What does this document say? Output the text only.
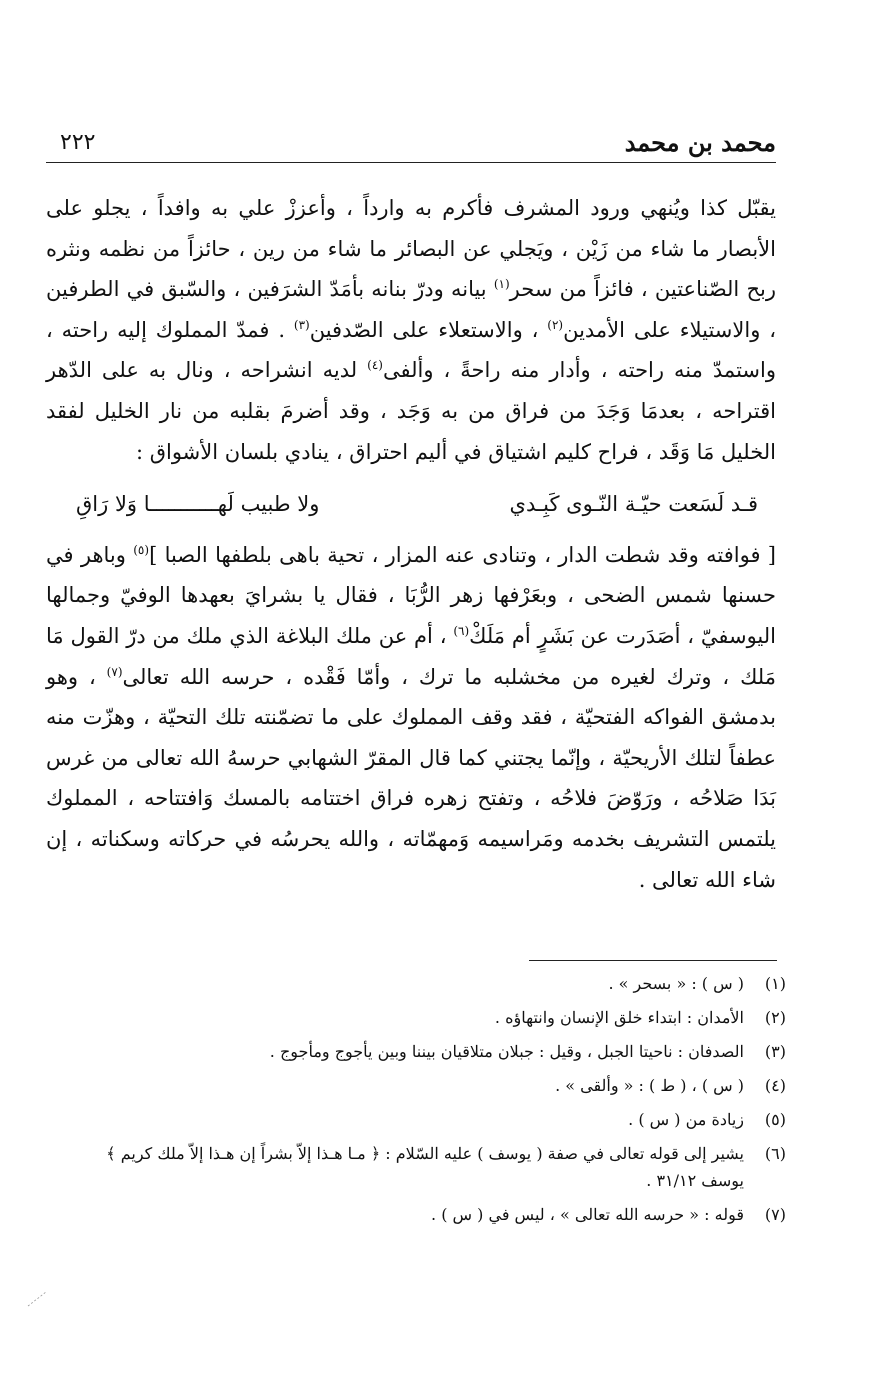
محمد بن محمد
٢٢٢

يقبّل كذا ويُنهي ورود المشرف فأكرم به وارداً ، وأعززْ علي به وافداً ، يجلو على الأبصار ما شاء من زَيْن ، ويَجلي عن البصائر ما شاء من رين ، حائزاً من نظمه ونثره ربح الصّناعتين ، فائزاً من سحر$^{(١)}$ بيانه ودرّ بنانه بأمَدّ الشرَفين ، والسّبق في الطرفين ، والاستيلاء على الأمدين$^{(٢)}$ ، والاستعلاء على الصّدفين$^{(٣)}$ . فمدّ المملوك إليه راحته ، واستمدّ منه راحته ، وأدار منه راحةً ، وألفى$^{(٤)}$ لديه انشراحه ، ونال به على الدّهر اقتراحه ، بعدمَا وَجَدَ من فراق من به وَجَد ، وقد أضرمَ بقلبه من نار الخليل لفقد الخليل مَا وَقَد ، فراح كليم اشتياق في أليم احتراق ، ينادي بلسان الأشواق :

قـد لَسَعت حيّـة النّـوى كَبِـدي
ولا طبيب لَهـــــــــــا وَلا رَاقِ

[ فوافته وقد شطت الدار ، وتنادى عنه المزار ، تحية باهى بلطفها الصبا ]$^{(٥)}$ وباهر في حسنها شمس الضحى ، وبعَرْفها زهر الرُّبَا ، فقال يا بشرايَ بعهدها الوفيّ وجمالها اليوسفيّ ، أصَدَرت عن بَشَرٍ أم مَلَكْ$^{(٦)}$ ، أم عن ملك البلاغة الذي ملك من درّ القول مَا مَلك ، وترك لغيره من مخشلبه ما ترك ، وأمّا فَقْده ، حرسه الله تعالى$^{(٧)}$ ، وهو بدمشق الفواكه الفتحيّة ، فقد وقف المملوك على ما تضمّنته تلك التحيّة ، وهزّت منه عطفاً لتلك الأريحيّة ، وإنّما يجتني كما قال المقرّ الشهابي حرسهُ الله تعالى من غرس بَدَا صَلاحُه ، ورَوّضَ فلاحُه ، وتفتح زهره فراق اختتامه بالمسك وَافتتاحه ، المملوك يلتمس التشريف بخدمه ومَراسيمه وَمهمّاته ، والله يحرسُه في حركاته وسكناته ، إن شاء الله تعالى .

(١)
( س ) : « بسحر » .
(٢)
الأمدان : ابتداء خلق الإنسان وانتهاؤه .
(٣)
الصدفان : ناحيتا الجبل ، وقيل : جبلان متلاقيان بيننا وبين يأجوج ومأجوج .
(٤)
( س ) ، ( ط ) : « وألقى » .
(٥)
زيادة من ( س ) .
(٦)
يشير إلى قوله تعالى في صفة ( يوسف ) عليه السّلام : ﴿ مـا هـذا إلاّ بشراً إن هـذا إلاّ ملك كريم ﴾ يوسف ٣١/١٢ .
(٧)
قوله : « حرسه الله تعالى » ، ليس في ( س ) .
